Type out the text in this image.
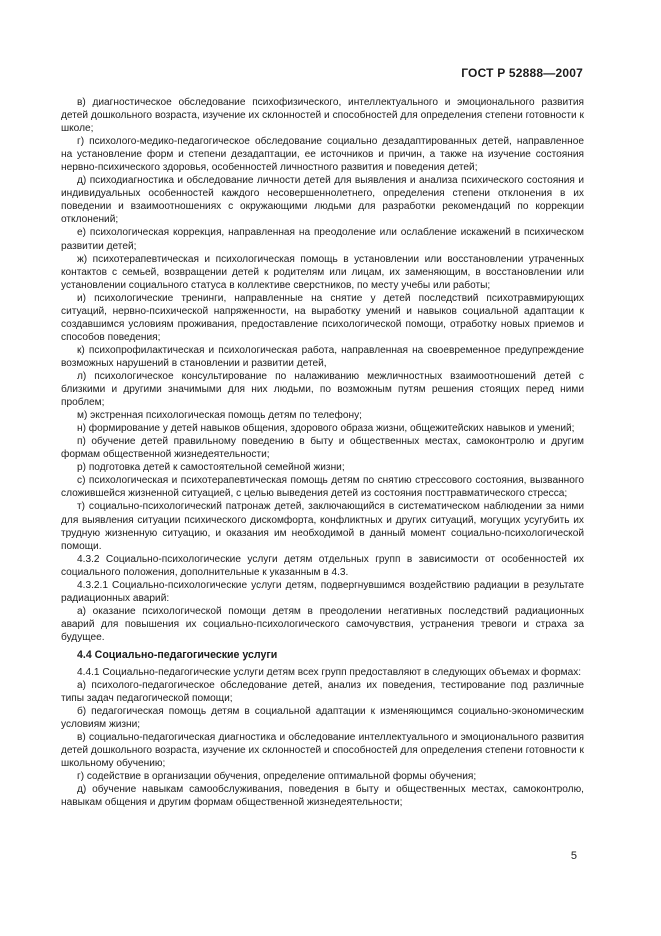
ГОСТ Р 52888—2007

в) диагностическое обследование психофизического, интеллектуального и эмоционального развития детей дошкольного возраста, изучение их склонностей и способностей для определения степени готовности к школе;

г) психолого-медико-педагогическое обследование социально дезадаптированных детей, направленное на установление форм и степени дезадаптации, ее источников и причин, а также на изучение состояния нервно-психического здоровья, особенностей личностного развития и поведения детей;

д) психодиагностика и обследование личности детей для выявления и анализа психического состояния и индивидуальных особенностей каждого несовершеннолетнего, определения степени отклонения в их поведении и взаимоотношениях с окружающими людьми для разработки рекомендаций по коррекции отклонений;

е) психологическая коррекция, направленная на преодоление или ослабление искажений в психическом развитии детей;

ж) психотерапевтическая и психологическая помощь в установлении или восстановлении утраченных контактов с семьей, возвращении детей к родителям или лицам, их заменяющим, в восстановлении или установлении социального статуса в коллективе сверстников, по месту учебы или работы;

и) психологические тренинги, направленные на снятие у детей последствий психотравмирующих ситуаций, нервно-психической напряженности, на выработку умений и навыков социальной адаптации к создавшимся условиям проживания, предоставление психологической помощи, отработку новых приемов и способов поведения;

к) психопрофилактическая и психологическая работа, направленная на своевременное предупреждение возможных нарушений в становлении и развитии детей,

л) психологическое консультирование по налаживанию межличностных взаимоотношений детей с близкими и другими значимыми для них людьми, по возможным путям решения стоящих перед ними проблем;

м) экстренная психологическая помощь детям по телефону;

н) формирование у детей навыков общения, здорового образа жизни, общежитейских навыков и умений;

п) обучение детей правильному поведению в быту и общественных местах, самоконтролю и другим формам общественной жизнедеятельности;

р) подготовка детей к самостоятельной семейной жизни;

с) психологическая и психотерапевтическая помощь детям по снятию стрессового состояния, вызванного сложившейся жизненной ситуацией, с целью выведения детей из состояния посттравматического стресса;

т) социально-психологический патронаж детей, заключающийся в систематическом наблюдении за ними для выявления ситуации психического дискомфорта, конфликтных и других ситуаций, могущих усугубить их трудную жизненную ситуацию, и оказания им необходимой в данный момент социально-психологической помощи.

4.3.2 Социально-психологические услуги детям отдельных групп в зависимости от особенностей их социального положения, дополнительные к указанным в 4.3.

4.3.2.1 Социально-психологические услуги детям, подвергнувшимся воздействию радиации в результате радиационных аварий:

а) оказание психологической помощи детям в преодолении негативных последствий радиационных аварий для повышения их социально-психологического самочувствия, устранения тревоги и страха за будущее.

4.4 Социально-педагогические услуги

4.4.1 Социально-педагогические услуги детям всех групп предоставляют в следующих объемах и формах:

а) психолого-педагогическое обследование детей, анализ их поведения, тестирование под различные типы задач педагогической помощи;

б) педагогическая помощь детям в социальной адаптации к изменяющимся социально-экономическим условиям жизни;

в) социально-педагогическая диагностика и обследование интеллектуального и эмоционального развития детей дошкольного возраста, изучение их склонностей и способностей для определения степени готовности к школьному обучению;

г) содействие в организации обучения, определение оптимальной формы обучения;

д) обучение навыкам самообслуживания, поведения в быту и общественных местах, самоконтролю, навыкам общения и другим формам общественной жизнедеятельности;

5
